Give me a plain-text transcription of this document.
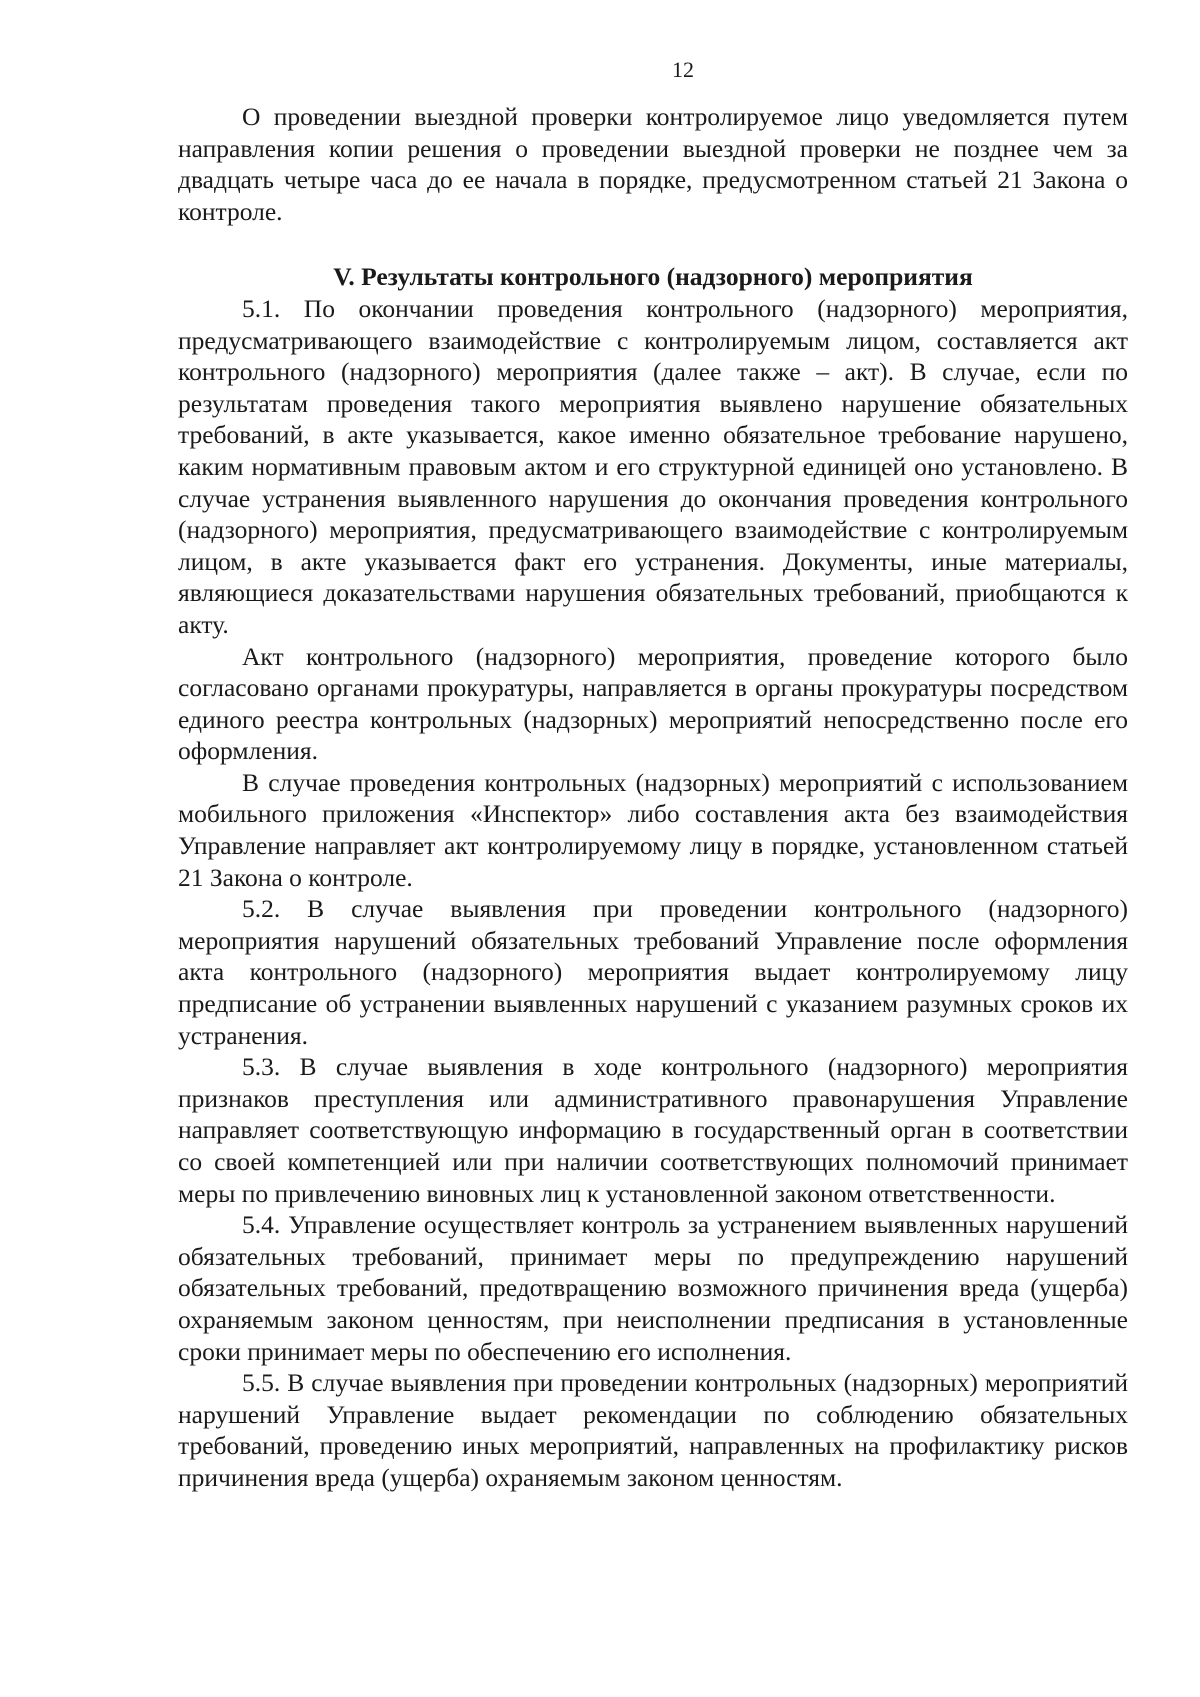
12

О проведении выездной проверки контролируемое лицо уведомляется путем направления копии решения о проведении выездной проверки не позднее чем за двадцать четыре часа до ее начала в порядке, предусмотренном статьей 21 Закона о контроле.

V. Результаты контрольного (надзорного) мероприятия

5.1. По окончании проведения контрольного (надзорного) мероприятия, предусматривающего взаимодействие с контролируемым лицом, составляется акт контрольного (надзорного) мероприятия (далее также – акт). В случае, если по результатам проведения такого мероприятия выявлено нарушение обязательных требований, в акте указывается, какое именно обязательное требование нарушено, каким нормативным правовым актом и его структурной единицей оно установлено. В случае устранения выявленного нарушения до окончания проведения контрольного (надзорного) мероприятия, предусматривающего взаимодействие с контролируемым лицом, в акте указывается факт его устранения. Документы, иные материалы, являющиеся доказательствами нарушения обязательных требований, приобщаются к акту.

Акт контрольного (надзорного) мероприятия, проведение которого было согласовано органами прокуратуры, направляется в органы прокуратуры посредством единого реестра контрольных (надзорных) мероприятий непосредственно после его оформления.

В случае проведения контрольных (надзорных) мероприятий с использованием мобильного приложения «Инспектор» либо составления акта без взаимодействия Управление направляет акт контролируемому лицу в порядке, установленном статьей 21 Закона о контроле.

5.2. В случае выявления при проведении контрольного (надзорного) мероприятия нарушений обязательных требований Управление после оформления акта контрольного (надзорного) мероприятия выдает контролируемому лицу предписание об устранении выявленных нарушений с указанием разумных сроков их устранения.

5.3. В случае выявления в ходе контрольного (надзорного) мероприятия признаков преступления или административного правонарушения Управление направляет соответствующую информацию в государственный орган в соответствии со своей компетенцией или при наличии соответствующих полномочий принимает меры по привлечению виновных лиц к установленной законом ответственности.

5.4. Управление осуществляет контроль за устранением выявленных нарушений обязательных требований, принимает меры по предупреждению нарушений обязательных требований, предотвращению возможного причинения вреда (ущерба) охраняемым законом ценностям, при неисполнении предписания в установленные сроки принимает меры по обеспечению его исполнения.

5.5. В случае выявления при проведении контрольных (надзорных) мероприятий нарушений Управление выдает рекомендации по соблюдению обязательных требований, проведению иных мероприятий, направленных на профилактику рисков причинения вреда (ущерба) охраняемым законом ценностям.
